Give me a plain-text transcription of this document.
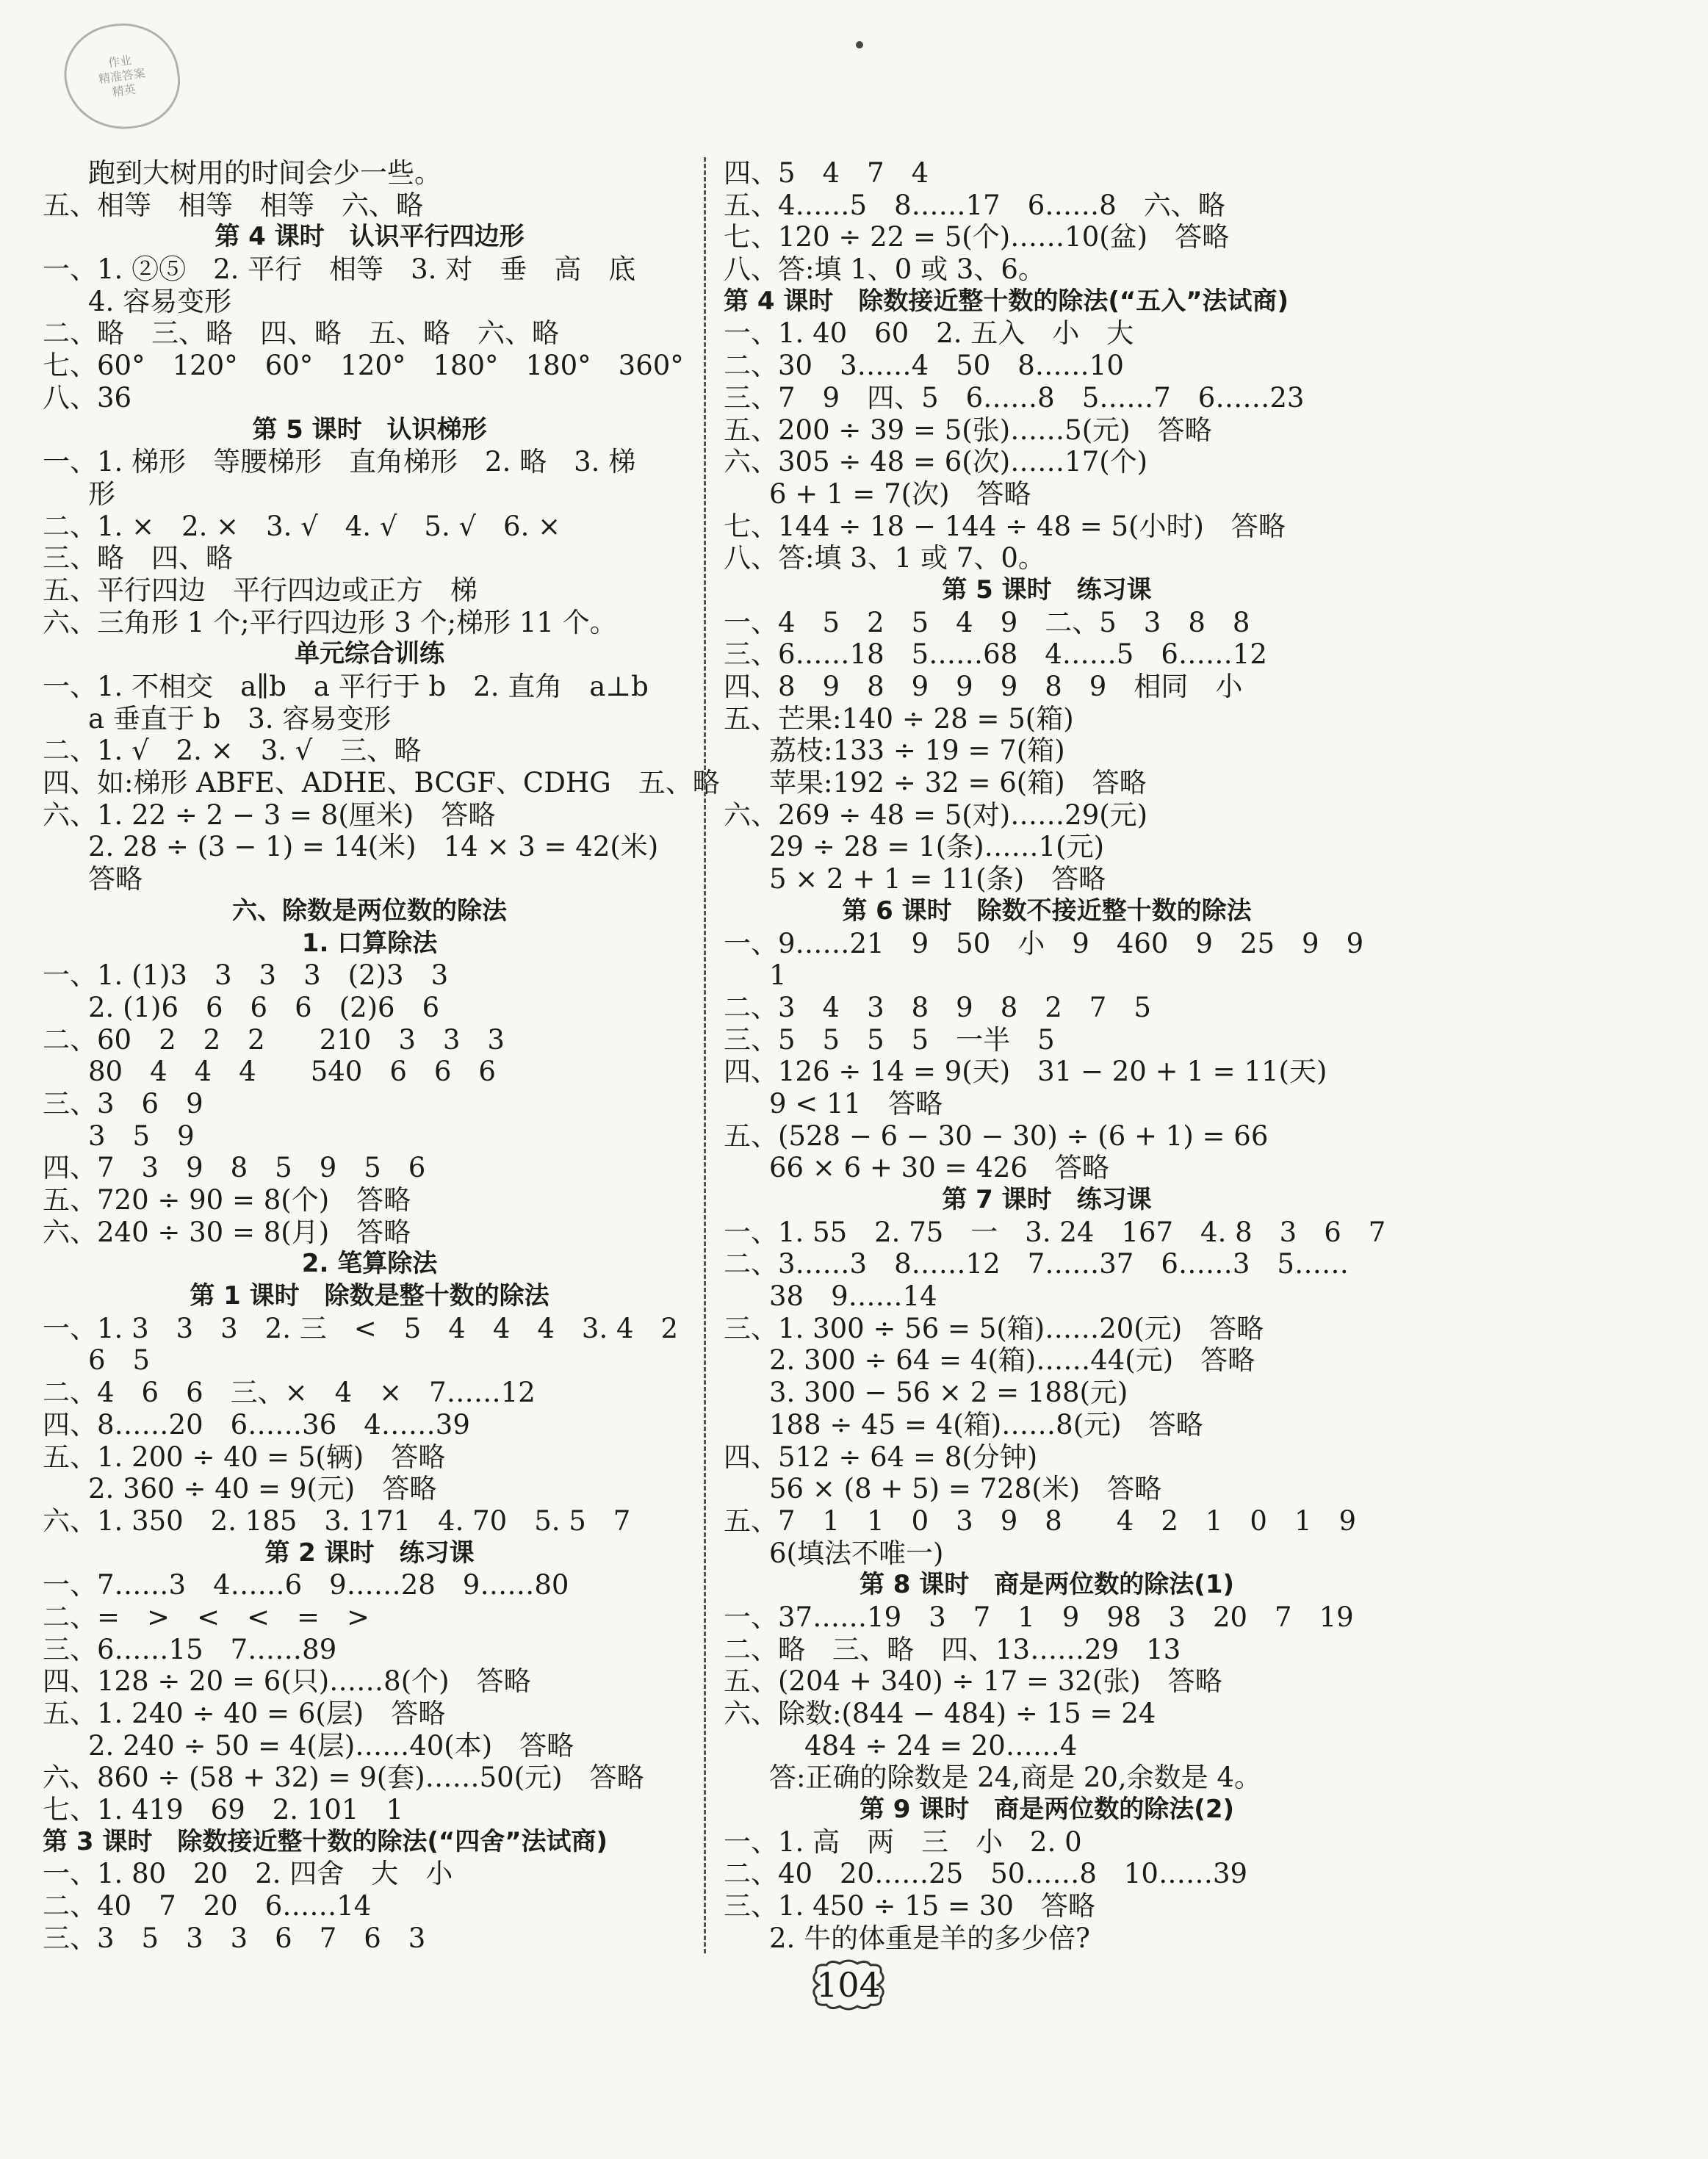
作业
精准答案
精英
跑到大树用的时间会少一些。
五、相等　相等　相等　六、略
第 4 课时　认识平行四边形
一、1. ②⑤　2. 平行　相等　3. 对　垂　高　底
4. 容易变形
二、略　三、略　四、略　五、略　六、略
七、60°　120°　60°　120°　180°　180°　360°
八、36
第 5 课时　认识梯形
一、1. 梯形　等腰梯形　直角梯形　2. 略　3. 梯
形
二、1. ×　2. ×　3. √　4. √　5. √　6. ×
三、略　四、略
五、平行四边　平行四边或正方　梯
六、三角形 1 个;平行四边形 3 个;梯形 11 个。
单元综合训练
一、1. 不相交　a∥b　a 平行于 b　2. 直角　a⊥b
a 垂直于 b　3. 容易变形
二、1. √　2. ×　3. √　三、略
四、如:梯形 ABFE、ADHE、BCGF、CDHG　五、略
六、1. 22 ÷ 2 − 3 = 8(厘米)　答略
2. 28 ÷ (3 − 1) = 14(米)　14 × 3 = 42(米)
答略
六、除数是两位数的除法
1. 口算除法
一、1. (1)3　3　3　3　(2)3　3
2. (1)6　6　6　6　(2)6　6
二、60　2　2　2　　210　3　3　3
80　4　4　4　　540　6　6　6
三、3　6　9
3　5　9
四、7　3　9　8　5　9　5　6
五、720 ÷ 90 = 8(个)　答略
六、240 ÷ 30 = 8(月)　答略
2. 笔算除法
第 1 课时　除数是整十数的除法
一、1. 3　3　3　2. 三　<　5　4　4　4　3. 4　2
6　5
二、4　6　6　三、×　4　×　7……12
四、8……20　6……36　4……39
五、1. 200 ÷ 40 = 5(辆)　答略
2. 360 ÷ 40 = 9(元)　答略
六、1. 350　2. 185　3. 171　4. 70　5. 5　7
第 2 课时　练习课
一、7……3　4……6　9……28　9……80
二、=　>　<　<　=　>
三、6……15　7……89
四、128 ÷ 20 = 6(只)……8(个)　答略
五、1. 240 ÷ 40 = 6(层)　答略
2. 240 ÷ 50 = 4(层)……40(本)　答略
六、860 ÷ (58 + 32) = 9(套)……50(元)　答略
七、1. 419　69　2. 101　1
第 3 课时　除数接近整十数的除法(“四舍”法试商)
一、1. 80　20　2. 四舍　大　小
二、40　7　20　6……14
三、3　5　3　3　6　7　6　3
四、5　4　7　4
五、4……5　8……17　6……8　六、略
七、120 ÷ 22 = 5(个)……10(盆)　答略
八、答:填 1、0 或 3、6。
第 4 课时　除数接近整十数的除法(“五入”法试商)
一、1. 40　60　2. 五入　小　大
二、30　3……4　50　8……10
三、7　9　四、5　6……8　5……7　6……23
五、200 ÷ 39 = 5(张)……5(元)　答略
六、305 ÷ 48 = 6(次)……17(个)
6 + 1 = 7(次)　答略
七、144 ÷ 18 − 144 ÷ 48 = 5(小时)　答略
八、答:填 3、1 或 7、0。
第 5 课时　练习课
一、4　5　2　5　4　9　二、5　3　8　8
三、6……18　5……68　4……5　6……12
四、8　9　8　9　9　9　8　9　相同　小
五、芒果:140 ÷ 28 = 5(箱)
荔枝:133 ÷ 19 = 7(箱)
苹果:192 ÷ 32 = 6(箱)　答略
六、269 ÷ 48 = 5(对)……29(元)
29 ÷ 28 = 1(条)……1(元)
5 × 2 + 1 = 11(条)　答略
第 6 课时　除数不接近整十数的除法
一、9……21　9　50　小　9　460　9　25　9　9
1
二、3　4　3　8　9　8　2　7　5
三、5　5　5　5　一半　5
四、126 ÷ 14 = 9(天)　31 − 20 + 1 = 11(天)
9 < 11　答略
五、(528 − 6 − 30 − 30) ÷ (6 + 1) = 66
66 × 6 + 30 = 426　答略
第 7 课时　练习课
一、1. 55　2. 75　一　3. 24　167　4. 8　3　6　7
二、3……3　8……12　7……37　6……3　5……
38　9……14
三、1. 300 ÷ 56 = 5(箱)……20(元)　答略
2. 300 ÷ 64 = 4(箱)……44(元)　答略
3. 300 − 56 × 2 = 188(元)
188 ÷ 45 = 4(箱)……8(元)　答略
四、512 ÷ 64 = 8(分钟)
56 × (8 + 5) = 728(米)　答略
五、7　1　1　0　3　9　8　　4　2　1　0　1　9
6(填法不唯一)
第 8 课时　商是两位数的除法(1)
一、37……19　3　7　1　9　98　3　20　7　19
二、略　三、略　四、13……29　13
五、(204 + 340) ÷ 17 = 32(张)　答略
六、除数:(844 − 484) ÷ 15 = 24
484 ÷ 24 = 20……4
答:正确的除数是 24,商是 20,余数是 4。
第 9 课时　商是两位数的除法(2)
一、1. 高　两　三　小　2. 0
二、40　20……25　50……8　10……39
三、1. 450 ÷ 15 = 30　答略
2. 牛的体重是羊的多少倍?
104
